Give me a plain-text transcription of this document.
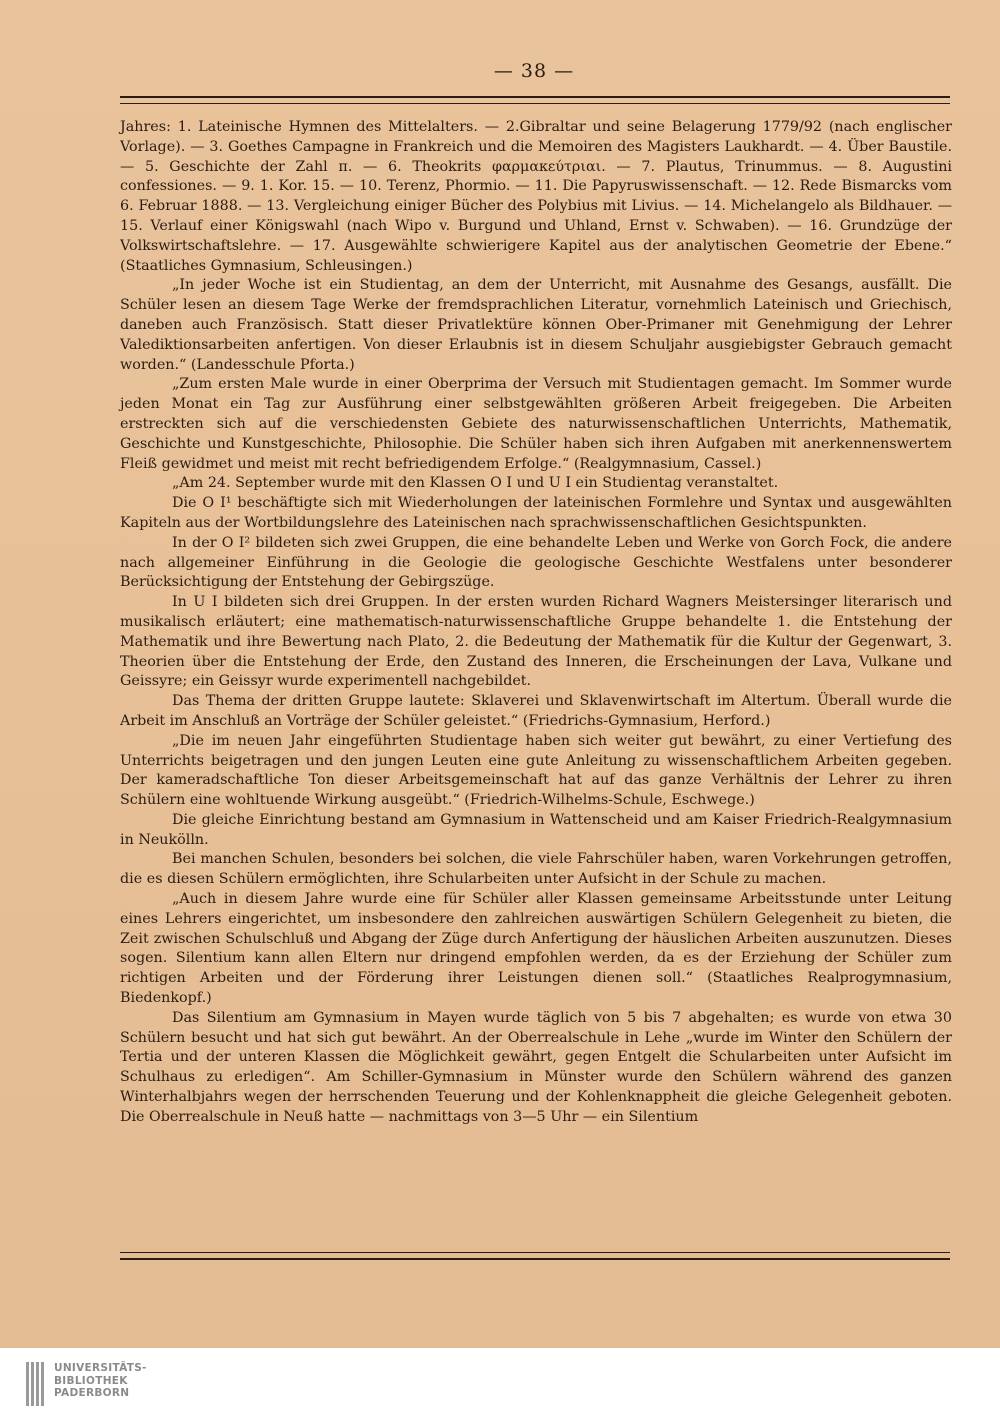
— 38 —

Jahres: 1. Lateinische Hymnen des Mittelalters. — 2.Gibraltar und seine Belagerung 1779/92 (nach englischer Vorlage). — 3. Goethes Campagne in Frankreich und die Memoiren des Magisters Laukhardt. — 4. Über Baustile. — 5. Geschichte der Zahl π. — 6. Theokrits φαρμακεύτριαι. — 7. Plautus, Trinummus. — 8. Augustini confessiones. — 9. 1. Kor. 15. — 10. Terenz, Phormio. — 11. Die Papyruswissenschaft. — 12. Rede Bismarcks vom 6. Februar 1888. — 13. Vergleichung einiger Bücher des Polybius mit Livius. — 14. Michelangelo als Bildhauer. — 15. Verlauf einer Königswahl (nach Wipo v. Burgund und Uhland, Ernst v. Schwaben). — 16. Grundzüge der Volkswirtschaftslehre. — 17. Ausgewählte schwierigere Kapitel aus der analytischen Geometrie der Ebene.“ (Staatliches Gymnasium, Schleusingen.)

„In jeder Woche ist ein Studientag, an dem der Unterricht, mit Ausnahme des Gesangs, ausfällt. Die Schüler lesen an diesem Tage Werke der fremdsprachlichen Literatur, vornehmlich Lateinisch und Griechisch, daneben auch Französisch. Statt dieser Privatlektüre können Ober-Primaner mit Genehmigung der Lehrer Valediktionsarbeiten anfertigen. Von dieser Erlaubnis ist in diesem Schuljahr ausgiebigster Gebrauch gemacht worden.“ (Landesschule Pforta.)

„Zum ersten Male wurde in einer Oberprima der Versuch mit Studientagen gemacht. Im Sommer wurde jeden Monat ein Tag zur Ausführung einer selbstgewählten größeren Arbeit freigegeben. Die Arbeiten erstreckten sich auf die verschiedensten Gebiete des naturwissenschaftlichen Unterrichts, Mathematik, Geschichte und Kunstgeschichte, Philosophie. Die Schüler haben sich ihren Aufgaben mit anerkennenswertem Fleiß gewidmet und meist mit recht befriedigendem Erfolge.“ (Realgymnasium, Cassel.)

„Am 24. September wurde mit den Klassen O I und U I ein Studientag veranstaltet.

Die O I¹ beschäftigte sich mit Wiederholungen der lateinischen Formlehre und Syntax und ausgewählten Kapiteln aus der Wortbildungslehre des Lateinischen nach sprachwissenschaftlichen Gesichtspunkten.

In der O I² bildeten sich zwei Gruppen, die eine behandelte Leben und Werke von Gorch Fock, die andere nach allgemeiner Einführung in die Geologie die geologische Geschichte Westfalens unter besonderer Berücksichtigung der Entstehung der Gebirgszüge.

In U I bildeten sich drei Gruppen. In der ersten wurden Richard Wagners Meistersinger literarisch und musikalisch erläutert; eine mathematisch-naturwissenschaftliche Gruppe behandelte 1. die Entstehung der Mathematik und ihre Bewertung nach Plato, 2. die Bedeutung der Mathematik für die Kultur der Gegenwart, 3. Theorien über die Entstehung der Erde, den Zustand des Inneren, die Erscheinungen der Lava, Vulkane und Geissyre; ein Geissyr wurde experimentell nachgebildet.

Das Thema der dritten Gruppe lautete: Sklaverei und Sklavenwirtschaft im Altertum. Überall wurde die Arbeit im Anschluß an Vorträge der Schüler geleistet.“ (Friedrichs-Gymnasium, Herford.)

„Die im neuen Jahr eingeführten Studientage haben sich weiter gut bewährt, zu einer Vertiefung des Unterrichts beigetragen und den jungen Leuten eine gute Anleitung zu wissenschaftlichem Arbeiten gegeben. Der kameradschaftliche Ton dieser Arbeitsgemeinschaft hat auf das ganze Verhältnis der Lehrer zu ihren Schülern eine wohltuende Wirkung ausgeübt.“ (Friedrich-Wilhelms-Schule, Eschwege.)

Die gleiche Einrichtung bestand am Gymnasium in Wattenscheid und am Kaiser Friedrich-Realgymnasium in Neukölln.

Bei manchen Schulen, besonders bei solchen, die viele Fahrschüler haben, waren Vorkehrungen getroffen, die es diesen Schülern ermöglichten, ihre Schularbeiten unter Aufsicht in der Schule zu machen.

„Auch in diesem Jahre wurde eine für Schüler aller Klassen gemeinsame Arbeitsstunde unter Leitung eines Lehrers eingerichtet, um insbesondere den zahlreichen auswärtigen Schülern Gelegenheit zu bieten, die Zeit zwischen Schulschluß und Abgang der Züge durch Anfertigung der häuslichen Arbeiten auszunutzen. Dieses sogen. Silentium kann allen Eltern nur dringend empfohlen werden, da es der Erziehung der Schüler zum richtigen Arbeiten und der Förderung ihrer Leistungen dienen soll.“ (Staatliches Realprogymnasium, Biedenkopf.)

Das Silentium am Gymnasium in Mayen wurde täglich von 5 bis 7 abgehalten; es wurde von etwa 30 Schülern besucht und hat sich gut bewährt. An der Oberrealschule in Lehe „wurde im Winter den Schülern der Tertia und der unteren Klassen die Möglichkeit gewährt, gegen Entgelt die Schularbeiten unter Aufsicht im Schulhaus zu erledigen“. Am Schiller-Gymnasium in Münster wurde den Schülern während des ganzen Winterhalbjahrs wegen der herrschenden Teuerung und der Kohlenknappheit die gleiche Gelegenheit geboten. Die Oberrealschule in Neuß hatte — nachmittags von 3—5 Uhr — ein Silentium

UNIVERSITÄTS-
BIBLIOTHEK
PADERBORN
